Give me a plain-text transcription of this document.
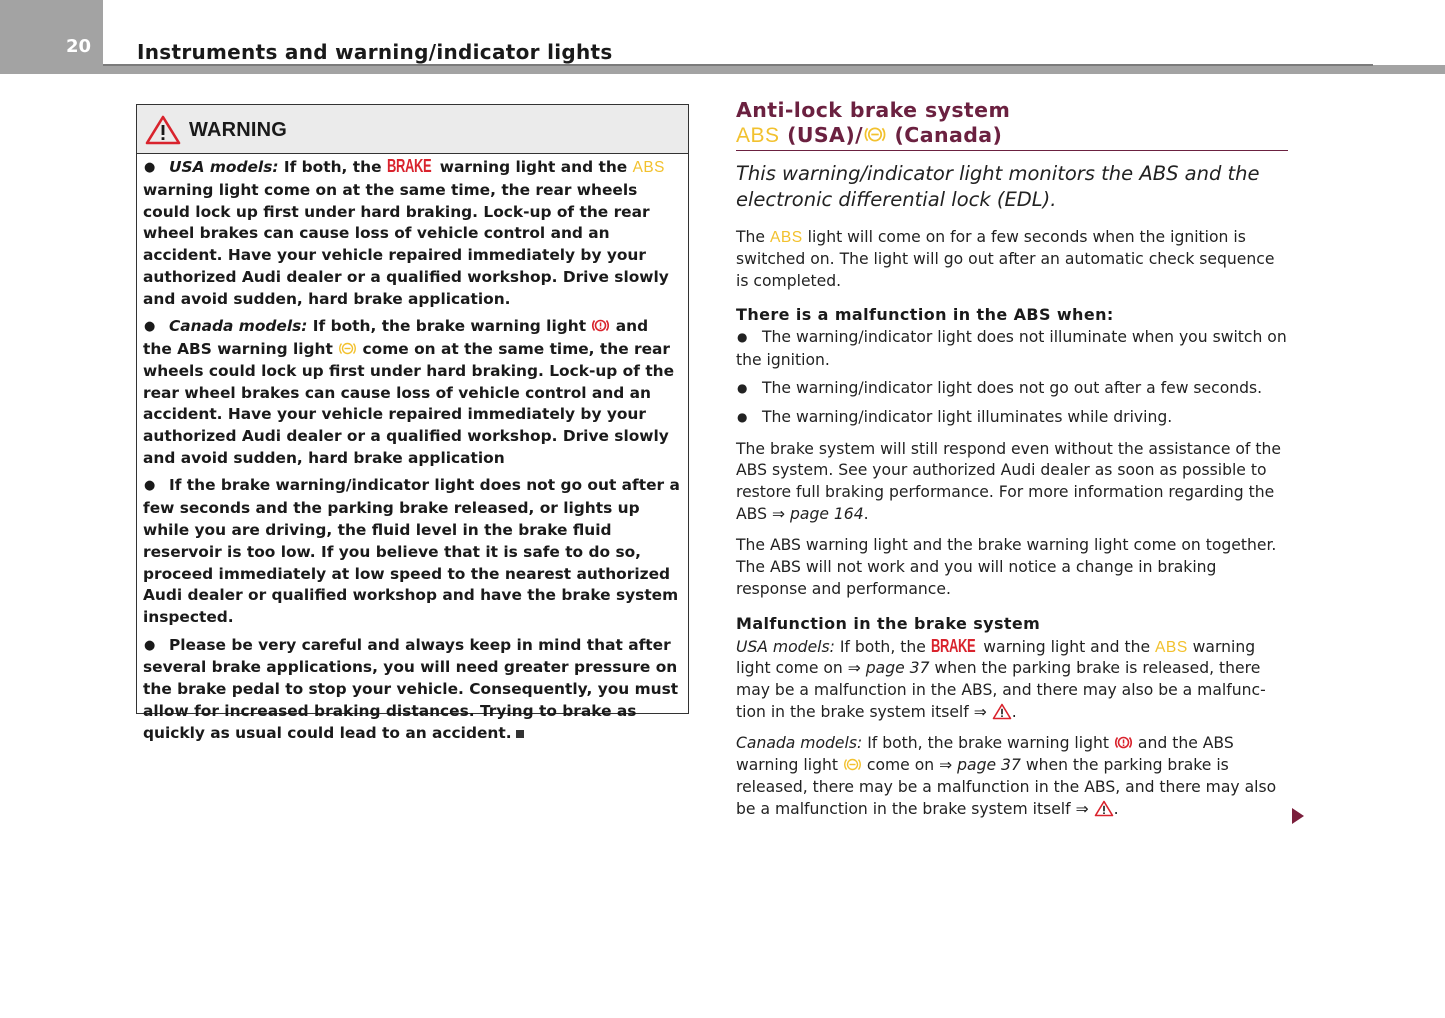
20 Instruments and warning/indicator lights
WARNING

●USA models: If both, the BRAKE warning light and the ABS warning light come on at the same time, the rear wheels could lock up first under hard braking. Lock-up of the rear wheel brakes can cause loss of vehicle control and an accident. Have your vehicle repaired immediately by your authorized Audi dealer or a qualified workshop. Drive slowly and avoid sudden, hard brake application.

●Canada models: If both, the brake warning light  and the ABS warning light  come on at the same time, the rear wheels could lock up first under hard braking. Lock-up of the rear wheel brakes can cause loss of vehicle control and an accident. Have your vehicle repaired immediately by your authorized Audi dealer or a qualified workshop. Drive slowly and avoid sudden, hard brake application

●If the brake warning/indicator light does not go out after a few seconds and the parking brake released, or lights up while you are driving, the fluid level in the brake fluid reservoir is too low. If you believe that it is safe to do so, proceed immediately at low speed to the nearest authorized Audi dealer or qualified workshop and have the brake system inspected.

●Please be very careful and always keep in mind that after several brake applications, you will need greater pressure on the brake pedal to stop your vehicle. Consequently, you must allow for increased braking distances. Trying to brake as quickly as usual could lead to an accident.

Anti-lock brake system
ABS (USA)/ (Canada)

This warning/indicator light monitors the ABS and the electronic differential lock (EDL).

The ABS light will come on for a few seconds when the ignition is switched on. The light will go out after an automatic check sequence is completed.

There is a malfunction in the ABS when:
●The warning/indicator light does not illuminate when you switch on the ignition.
●The warning/indicator light does not go out after a few seconds.
●The warning/indicator light illuminates while driving.

The brake system will still respond even without the assistance of the ABS system. See your authorized Audi dealer as soon as possible to restore full braking performance. For more information regarding the ABS ⇒ page 164.

The ABS warning light and the brake warning light come on together. The ABS will not work and you will notice a change in braking response and performance.

Malfunction in the brake system

USA models: If both, the BRAKE warning light and the ABS warning light come on ⇒ page 37 when the parking brake is released, there may be a malfunction in the ABS, and there may also be a malfunc-tion in the brake system itself ⇒ .

Canada models: If both, the brake warning light  and the ABS warning light  come on ⇒ page 37 when the parking brake is released, there may be a malfunction in the ABS, and there may also be a malfunction in the brake system itself ⇒ .
